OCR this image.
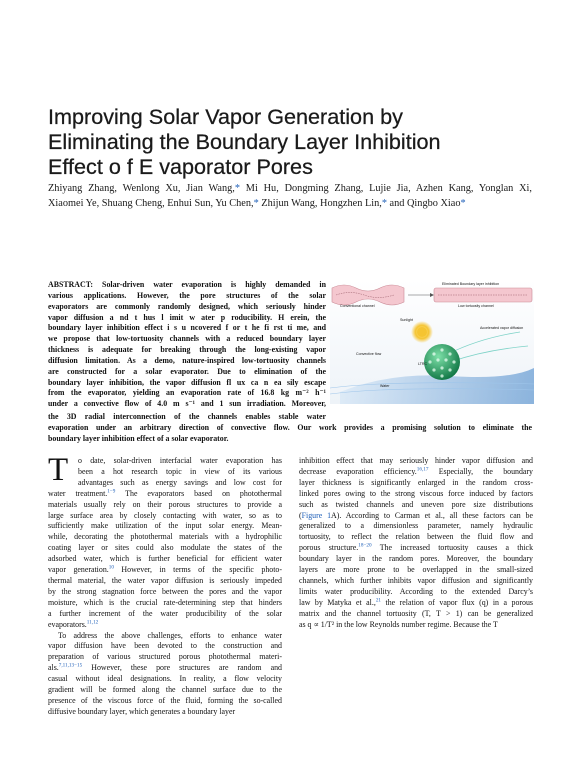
Improving Solar Vapor Generation by
Eliminating the Boundary Layer Inhibition
Effect o f E vaporator Pores
Zhiyang Zhang, Wenlong Xu, Jian Wang,* Mi Hu, Dongming Zhang, Lujie Jia, Azhen Kang, Yonglan Xi,
Xiaomei Ye, Shuang Cheng, Enhui Sun, Yu Chen,* Zhijun Wang, Hongzhen Lin,* and Qingbo Xiao*
ABSTRACT: Solar-driven water evaporation is highly demanded in
various applications. However, the pore structures of the solar
evaporators are commonly randomly designed, which seriously hinder
vapor diffusion a nd t hus l imit w ater p roducibility. H erein, the
boundary layer inhibition effect i s u ncovered f or t he fi rst ti me, and
we propose that low-tortuosity channels with a reduced boundary layer
thickness is adequate for breaking through the long-existing vapor
diffusion limitation. As a demo, nature-inspired low-tortuosity channels
are constructed for a solar evaporator. Due to elimination of the
boundary layer inhibition, the vapor diffusion fl ux ca n ea sily escape
from the evaporator, yielding an evaporation rate of 16.8 kg m⁻² h⁻¹
under a convective flow of 4.0 m s⁻¹ and 1 sun irradiation. Moreover,
the 3D radial interconnection of the channels enables stable water
evaporation under an arbitrary direction of convective flow. Our work provides a promising solution to eliminate the
boundary layer inhibition effect of a solar evaporator.
Conventional channel	Low tortuosity channel
Eliminated Boundary layer inhibition
Sunlight
Convective flow
Accelerated vapor diffusion
LTRC
Water
T	o date, solar-driven interfacial water evaporation has
been a hot research topic in view of its various
advantages such as energy savings and low cost for
water treatment.$^{1-9}$ The evaporators based on photothermal
materials usually rely on their porous structures to provide a
large surface area by closely contacting with water, so as to
sufficiently make utilization of the input solar energy. Mean-
while, decorating the photothermal materials with a hydrophilic
coating layer or sites could also modulate the states of the
adsorbed water, which is further beneficial for efficient water
vapor generation.$^{10}$ However, in terms of the specific photo-
thermal material, the water vapor diffusion is seriously impeded
by the strong stagnation force between the pores and the vapor
moisture, which is the crucial rate-determining step that hinders
a further increment of the water producibility of the solar
evaporators.$^{11,12}$
To address the above challenges, efforts to enhance water
vapor diffusion have been devoted to the construction and
preparation of various structured porous photothermal materi-
als.$^{7,11,13-15}$ However, these pore structures are random and
casual without ideal designations. In reality, a flow velocity
gradient will be formed along the channel surface due to the
presence of the viscous force of the fluid, forming the so-called
diffusive boundary layer, which generates a boundary layer
inhibition effect that may seriously hinder vapor diffusion and
decrease evaporation efficiency.$^{16,17}$ Especially, the boundary
layer thickness is significantly enlarged in the random cross-
linked pores owing to the strong viscous force induced by factors
such as twisted channels and uneven pore size distributions
(Figure 1A). According to Carman et al., all these factors can be
generalized to a dimensionless parameter, namely hydraulic
tortuosity, to reflect the relation between the fluid flow and
porous structure.$^{18-20}$ The increased tortuosity causes a thick
boundary layer in the random pores. Moreover, the boundary
layers are more prone to be overlapped in the small-sized
channels, which further inhibits vapor diffusion and significantly
limits water producibility. According to the extended Darcy’s
law by Matyka et al.,$^{21}$ the relation of vapor flux (q) in a porous
matrix and the channel tortuosity (T, T > 1) can be generalized
as q ∝ 1/T² in the low Reynolds number regime. Because the T
